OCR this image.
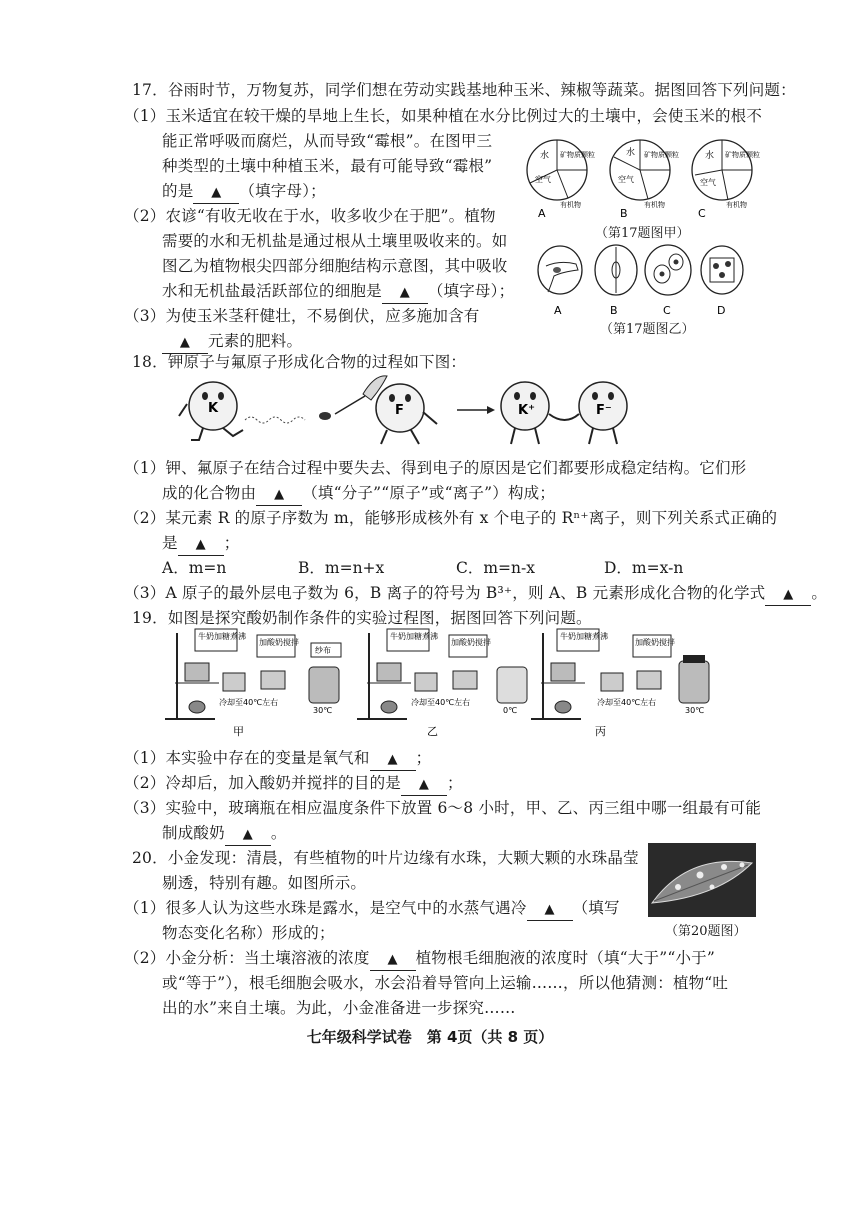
17．谷雨时节，万物复苏，同学们想在劳动实践基地种玉米、辣椒等蔬菜。据图回答下列问题：
（1）玉米适宜在较干燥的旱地上生长，如果种植在水分比例过大的土壤中，会使玉米的根不
能正常呼吸而腐烂，从而导致“霉根”。在图甲三
种类型的土壤中种植玉米，最有可能导致“霉根”
的是 ▲ （填字母）；
（2）农谚“有收无收在于水，收多收少在于肥”。植物
需要的水和无机盐是通过根从土壤里吸收来的。如
图乙为植物根尖四部分细胞结构示意图，其中吸收
水和无机盐最活跃部位的细胞是 ▲ （填字母）；
（3）为使玉米茎秆健壮，不易倒伏，应多施加含有
▲ 元素的肥料。
水 矿物质颗粒
空气
有机物
A
水 矿物质颗粒
空气
有机物
B
水 矿物质颗粒
空气
有机物
C
（第17题图甲）
A	B	C	D
（第17题图乙）
18．钾原子与氟原子形成化合物的过程如下图：
K	F	K⁺	F⁻
（1）钾、氟原子在结合过程中要失去、得到电子的原因是它们都要形成稳定结构。它们形
成的化合物由 ▲ （填“分子”“原子”或“离子”）构成；
（2）某元素 R 的原子序数为 m，能够形成核外有 x 个电子的 Rⁿ⁺离子，则下列关系式正确的
是 ▲ ；
A．m=n	B．m=n+x	C．m=n-x	D．m=x-n
（3）A 原子的最外层电子数为 6，B 离子的符号为 B³⁺，则 A、B 元素形成化合物的化学式 ▲ 。
19．如图是探究酸奶制作条件的实验过程图，据图回答下列问题。
牛奶加糖煮沸
冷却至40℃左右
加酸奶搅拌
纱布
30℃
甲
牛奶加糖煮沸
冷却至40℃左右
加酸奶搅拌
0℃
乙
牛奶加糖煮沸
冷却至40℃左右
加酸奶搅拌
30℃
丙
（1）本实验中存在的变量是氧气和 ▲ ；
（2）冷却后，加入酸奶并搅拌的目的是 ▲ ；
（3）实验中，玻璃瓶在相应温度条件下放置 6～8 小时，甲、乙、丙三组中哪一组最有可能
制成酸奶 ▲ 。
20．小金发现：清晨，有些植物的叶片边缘有水珠，大颗大颗的水珠晶莹
剔透，特别有趣。如图所示。
（1）很多人认为这些水珠是露水，是空气中的水蒸气遇冷 ▲ （填写
物态变化名称）形成的；	（第20题图）
（2）小金分析：当土壤溶液的浓度 ▲ 植物根毛细胞液的浓度时（填“大于”“小于”
或“等于”），根毛细胞会吸水，水会沿着导管向上运输……，所以他猜测：植物“吐
出的水”来自土壤。为此，小金准备进一步探究……
七年级科学试卷　第 4页（共 8 页）
